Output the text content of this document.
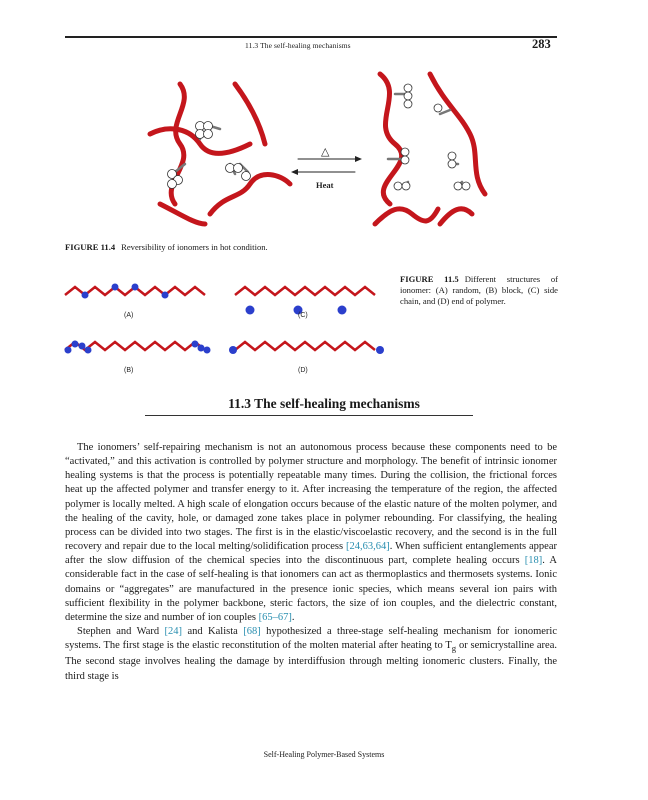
11.3 The self-healing mechanisms	283
△
Heat
FIGURE 11.4 Reversibility of ionomers in hot condition.
(A)	(C)
(B)	(D)
FIGURE 11.5 Different structures of ionomer: (A) random, (B) block, (C) side chain, and (D) end of polymer.
11.3 The self-healing mechanisms

The ionomers’ self-repairing mechanism is not an autonomous process because these components need to be “activated,” and this activation is controlled by polymer structure and morphology. The benefit of intrinsic ionomer healing systems is that the process is potentially repeatable many times. During the collision, the frictional forces heat up the affected polymer and transfer energy to it. After increasing the temperature of the region, the affected polymer is locally melted. A high scale of elongation occurs because of the elastic nature of the molten polymer, and the healing of the cavity, hole, or damaged zone takes place in polymer rebounding. For classifying, the healing process can be divided into two stages. The first is in the elastic/viscoelastic recovery, and the second is in the full recovery and repair due to the local melting/solidification process [24,63,64]. When sufficient entanglements appear after the slow diffusion of the chemical species into the discontinuous part, complete healing occurs [18]. A considerable fact in the case of self-healing is that ionomers can act as thermoplastics and thermosets systems. Ionic domains or “aggregates” are manufactured in the presence ionic species, which means several ion pairs with sufficient flexibility in the polymer backbone, steric factors, the size of ion couples, and the dielectric constant, determine the size and number of ion couples [65–67].

Stephen and Ward [24] and Kalista [68] hypothesized a three-stage self-healing mechanism for ionomeric systems. The first stage is the elastic reconstitution of the molten material after heating to $T_g$ or semicrystalline area. The second stage involves healing the damage by interdiffusion through melting ionomeric clusters. Finally, the third stage is

Self-Healing Polymer-Based Systems
